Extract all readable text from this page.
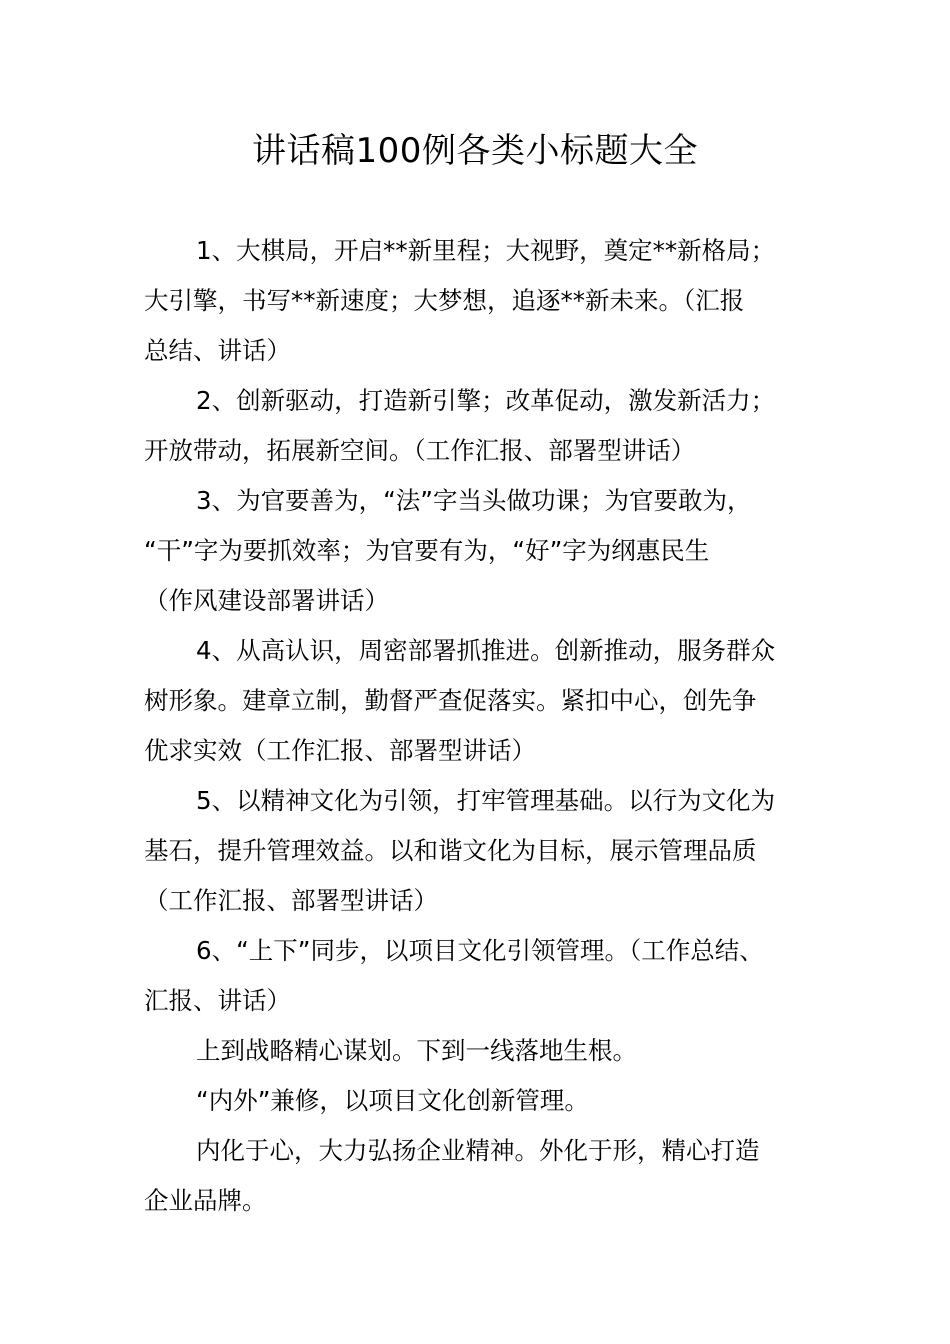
讲话稿100例各类小标题大全
1、大棋局，开启**新里程；大视野，奠定**新格局；
大引擎，书写**新速度；大梦想，追逐**新未来。（汇报
总结、讲话）
2、创新驱动，打造新引擎；改革促动，激发新活力；
开放带动，拓展新空间。（工作汇报、部署型讲话）
3、为官要善为，“法”字当头做功课；为官要敢为，
“干”字为要抓效率；为官要有为，“好”字为纲惠民生
（作风建设部署讲话）
4、从高认识，周密部署抓推进。创新推动，服务群众
树形象。建章立制，勤督严查促落实。紧扣中心，创先争
优求实效（工作汇报、部署型讲话）
5、以精神文化为引领，打牢管理基础。以行为文化为
基石，提升管理效益。以和谐文化为目标，展示管理品质
（工作汇报、部署型讲话）
6、“上下”同步，以项目文化引领管理。（工作总结、
汇报、讲话）
上到战略精心谋划。下到一线落地生根。
“内外”兼修，以项目文化创新管理。
内化于心，大力弘扬企业精神。外化于形，精心打造
企业品牌。
